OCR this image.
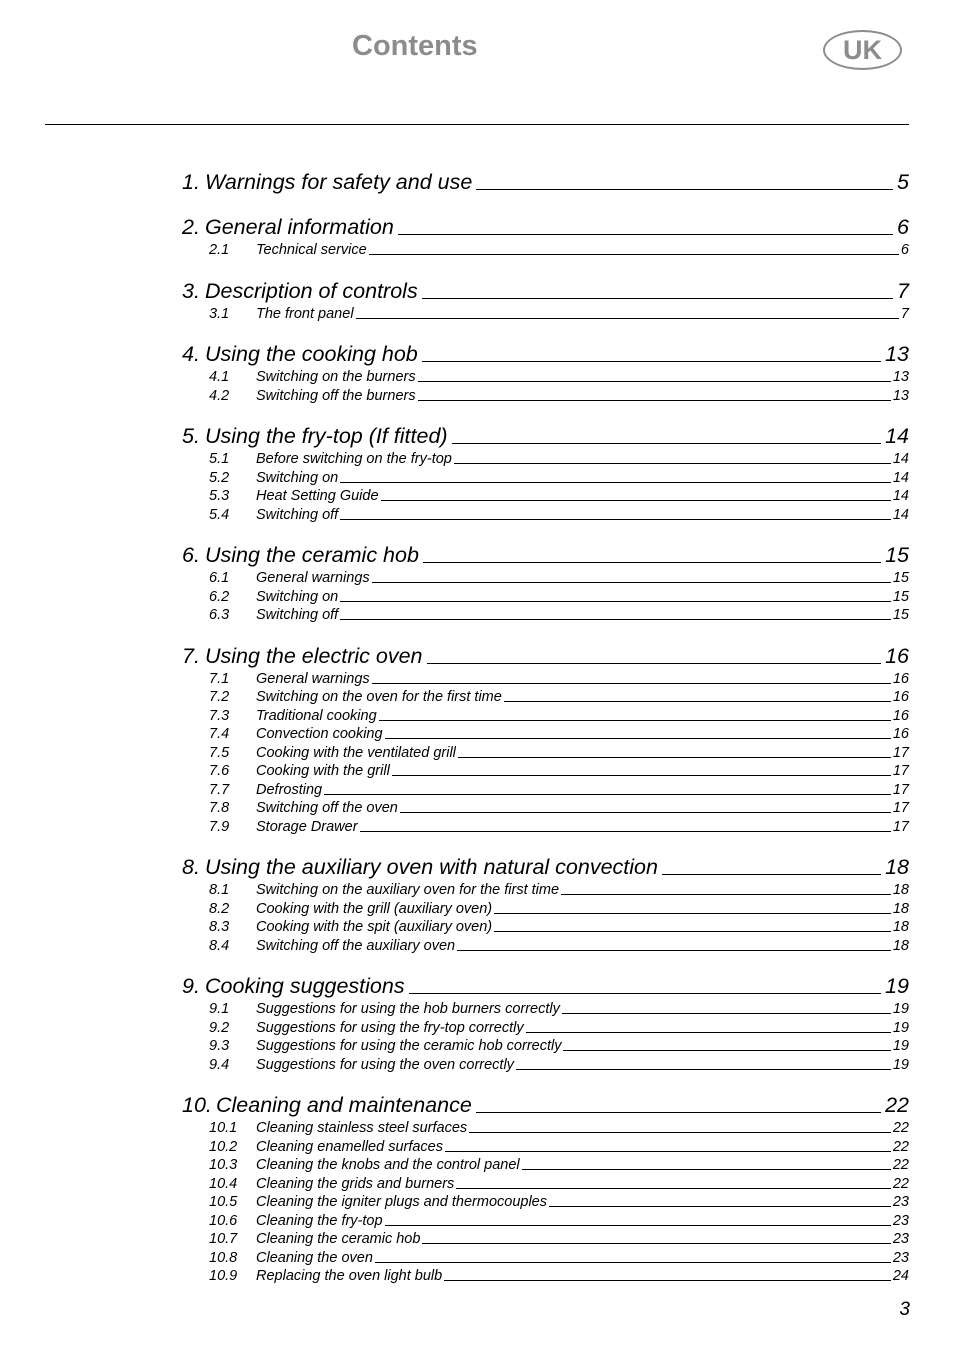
Contents	UK
1. Warnings for safety and use	5
2. General information	6
2.1	Technical service	6
3. Description of controls	7
3.1	The front panel	7
4. Using the cooking hob	13
4.1	Switching on the burners	13
4.2	Switching off the burners	13
5. Using the fry-top (If fitted)	14
5.1	Before switching on the fry-top	14
5.2	Switching on	14
5.3	Heat Setting Guide	14
5.4	Switching off	14
6. Using the ceramic hob	15
6.1	General warnings	15
6.2	Switching on	15
6.3	Switching off	15
7. Using the electric oven	16
7.1	General warnings	16
7.2	Switching on the oven for the first time	16
7.3	Traditional cooking	16
7.4	Convection cooking	16
7.5	Cooking with the ventilated grill	17
7.6	Cooking with the grill	17
7.7	Defrosting	17
7.8	Switching off the oven	17
7.9	Storage Drawer	17
8. Using the auxiliary oven with natural convection	18
8.1	Switching on the auxiliary oven for the first time	18
8.2	Cooking with the grill (auxiliary oven)	18
8.3	Cooking with the spit (auxiliary oven)	18
8.4	Switching off the auxiliary oven	18
9. Cooking suggestions	19
9.1	Suggestions for using the hob burners correctly	19
9.2	Suggestions for using the fry-top correctly	19
9.3	Suggestions for using the ceramic hob correctly	19
9.4	Suggestions for using the oven correctly	19
10. Cleaning and maintenance	22
10.1	Cleaning stainless steel surfaces	22
10.2	Cleaning enamelled surfaces	22
10.3	Cleaning the knobs and the control panel	22
10.4	Cleaning the grids and burners	22
10.5	Cleaning the igniter plugs and thermocouples	23
10.6	Cleaning the fry-top	23
10.7	Cleaning the ceramic hob	23
10.8	Cleaning the oven	23
10.9	Replacing the oven light bulb	24
3
